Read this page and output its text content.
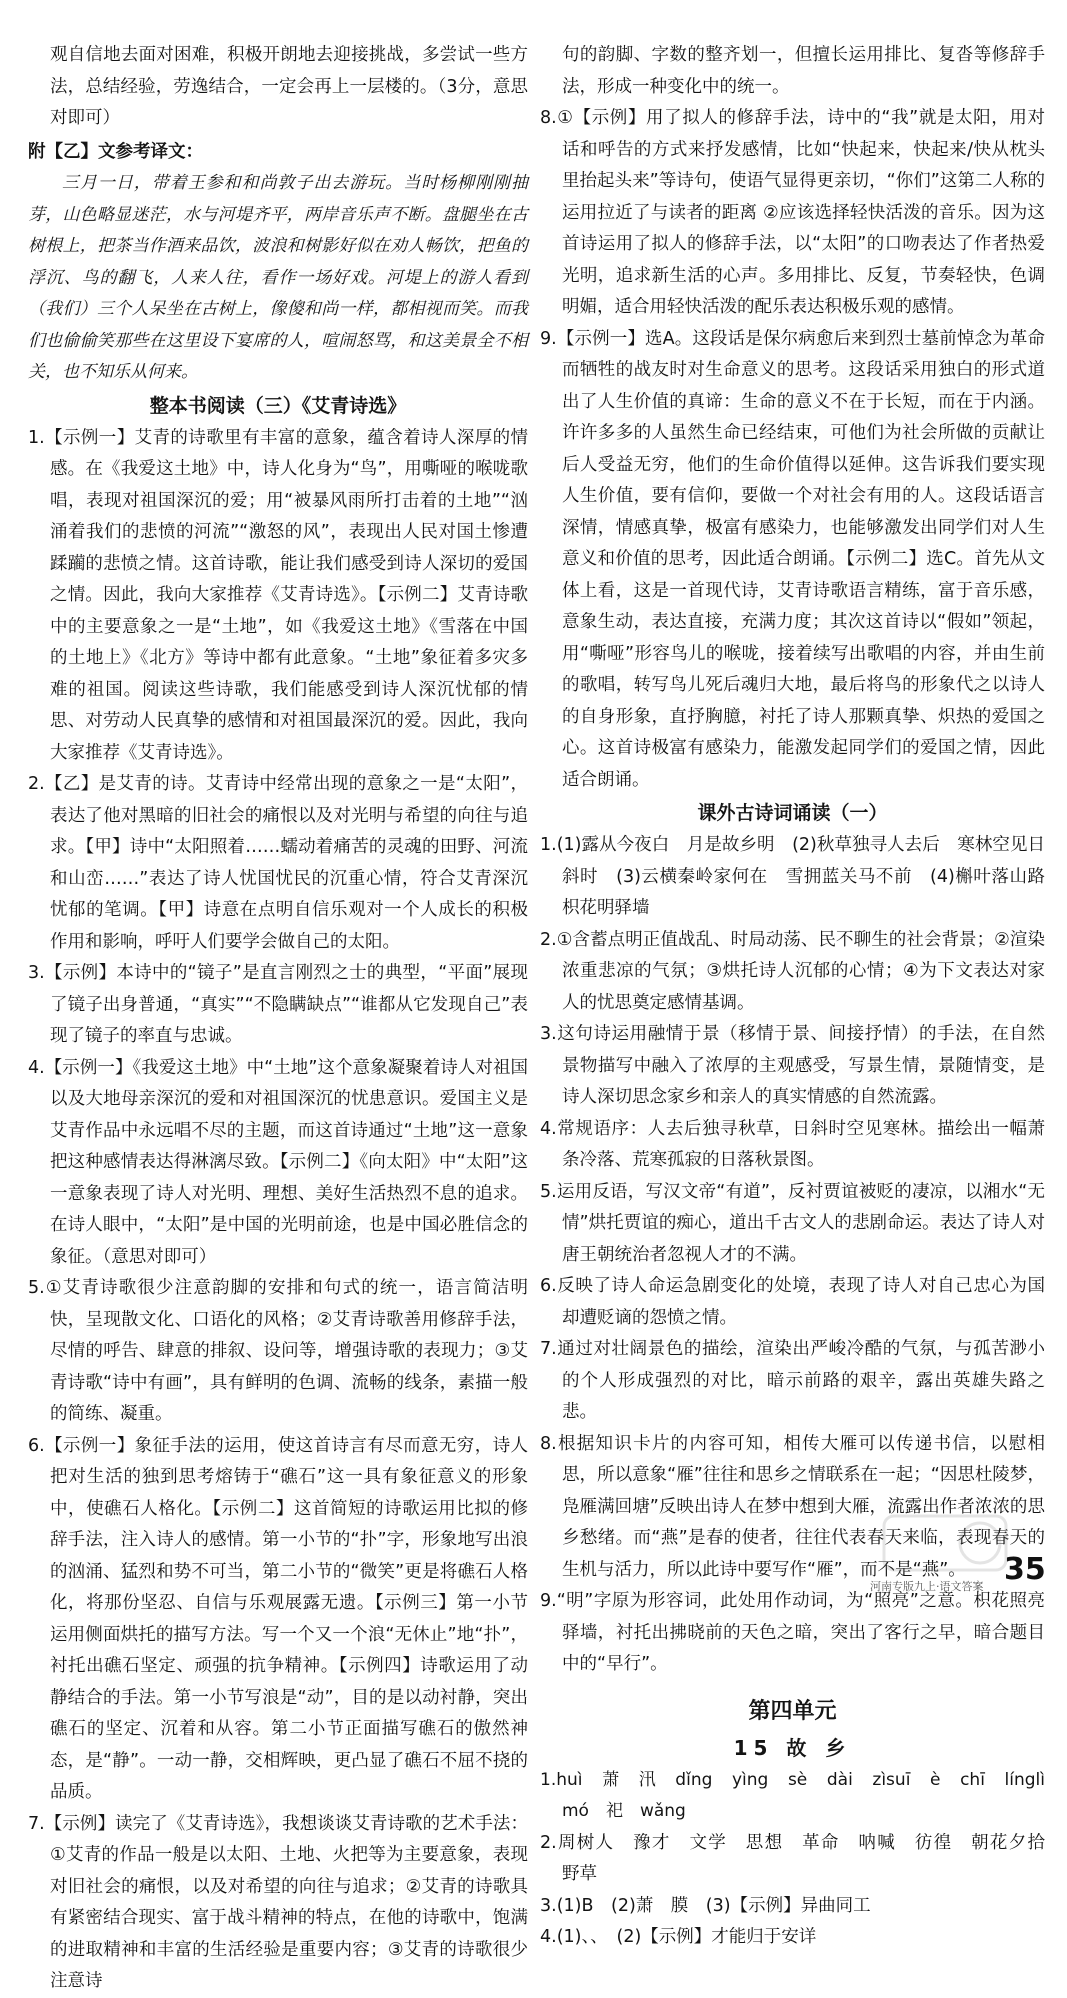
观自信地去面对困难，积极开朗地去迎接挑战，多尝试一些方法，总结经验，劳逸结合，一定会再上一层楼的。（3分，意思对即可）

附【乙】文参考译文：

三月一日，带着王参和和尚敦子出去游玩。当时杨柳刚刚抽芽，山色略显迷茫，水与河堤齐平，两岸音乐声不断。盘腿坐在古树根上，把茶当作酒来品饮，波浪和树影好似在劝人畅饮，把鱼的浮沉、鸟的翻飞，人来人往，看作一场好戏。河堤上的游人看到（我们）三个人呆坐在古树上，像傻和尚一样，都相视而笑。而我们也偷偷笑那些在这里设下宴席的人，喧闹怒骂，和这美景全不相关，也不知乐从何来。

整本书阅读（三）《艾青诗选》

1.【示例一】艾青的诗歌里有丰富的意象，蕴含着诗人深厚的情感。在《我爱这土地》中，诗人化身为“鸟”，用嘶哑的喉咙歌唱，表现对祖国深沉的爱；用“被暴风雨所打击着的土地”“汹涌着我们的悲愤的河流”“激怒的风”，表现出人民对国土惨遭蹂躏的悲愤之情。这首诗歌，能让我们感受到诗人深切的爱国之情。因此，我向大家推荐《艾青诗选》。【示例二】艾青诗歌中的主要意象之一是“土地”，如《我爱这土地》《雪落在中国的土地上》《北方》等诗中都有此意象。“土地”象征着多灾多难的祖国。阅读这些诗歌，我们能感受到诗人深沉忧郁的情思、对劳动人民真挚的感情和对祖国最深沉的爱。因此，我向大家推荐《艾青诗选》。

2.【乙】是艾青的诗。艾青诗中经常出现的意象之一是“太阳”，表达了他对黑暗的旧社会的痛恨以及对光明与希望的向往与追求。【甲】诗中“太阳照着……蠕动着痛苦的灵魂的田野、河流和山峦……”表达了诗人忧国忧民的沉重心情，符合艾青深沉忧郁的笔调。【甲】诗意在点明自信乐观对一个人成长的积极作用和影响，呼吁人们要学会做自己的太阳。

3.【示例】本诗中的“镜子”是直言刚烈之士的典型，“平面”展现了镜子出身普通，“真实”“不隐瞒缺点”“谁都从它发现自己”表现了镜子的率直与忠诚。

4.【示例一】《我爱这土地》中“土地”这个意象凝聚着诗人对祖国以及大地母亲深沉的爱和对祖国深沉的忧患意识。爱国主义是艾青作品中永远唱不尽的主题，而这首诗通过“土地”这一意象把这种感情表达得淋漓尽致。【示例二】《向太阳》中“太阳”这一意象表现了诗人对光明、理想、美好生活热烈不息的追求。在诗人眼中，“太阳”是中国的光明前途，也是中国必胜信念的象征。（意思对即可）

5.①艾青诗歌很少注意韵脚的安排和句式的统一，语言简洁明快，呈现散文化、口语化的风格；②艾青诗歌善用修辞手法，尽情的呼告、肆意的排叙、设问等，增强诗歌的表现力；③艾青诗歌“诗中有画”，具有鲜明的色调、流畅的线条，素描一般的简练、凝重。

6.【示例一】象征手法的运用，使这首诗言有尽而意无穷，诗人把对生活的独到思考熔铸于“礁石”这一具有象征意义的形象中，使礁石人格化。【示例二】这首简短的诗歌运用比拟的修辞手法，注入诗人的感情。第一小节的“扑”字，形象地写出浪的汹涌、猛烈和势不可当，第二小节的“微笑”更是将礁石人格化，将那份坚忍、自信与乐观展露无遗。【示例三】第一小节运用侧面烘托的描写方法。写一个又一个浪“无休止”地“扑”，衬托出礁石坚定、顽强的抗争精神。【示例四】诗歌运用了动静结合的手法。第一小节写浪是“动”，目的是以动衬静，突出礁石的坚定、沉着和从容。第二小节正面描写礁石的傲然神态，是“静”。一动一静，交相辉映，更凸显了礁石不屈不挠的品质。

7.【示例】读完了《艾青诗选》，我想谈谈艾青诗歌的艺术手法：①艾青的作品一般是以太阳、土地、火把等为主要意象，表现对旧社会的痛恨，以及对希望的向往与追求；②艾青的诗歌具有紧密结合现实、富于战斗精神的特点，在他的诗歌中，饱满的进取精神和丰富的生活经验是重要内容；③艾青的诗歌很少注意诗

句的韵脚、字数的整齐划一，但擅长运用排比、复沓等修辞手法，形成一种变化中的统一。

8.①【示例】用了拟人的修辞手法，诗中的“我”就是太阳，用对话和呼告的方式来抒发感情，比如“快起来，快起来/快从枕头里抬起头来”等诗句，使语气显得更亲切，“你们”这第二人称的运用拉近了与读者的距离 ②应该选择轻快活泼的音乐。因为这首诗运用了拟人的修辞手法，以“太阳”的口吻表达了作者热爱光明，追求新生活的心声。多用排比、反复，节奏轻快，色调明媚，适合用轻快活泼的配乐表达积极乐观的感情。

9.【示例一】选A。这段话是保尔病愈后来到烈士墓前悼念为革命而牺牲的战友时对生命意义的思考。这段话采用独白的形式道出了人生价值的真谛：生命的意义不在于长短，而在于内涵。许许多多的人虽然生命已经结束，可他们为社会所做的贡献让后人受益无穷，他们的生命价值得以延伸。这告诉我们要实现人生价值，要有信仰，要做一个对社会有用的人。这段话语言深情，情感真挚，极富有感染力，也能够激发出同学们对人生意义和价值的思考，因此适合朗诵。【示例二】选C。首先从文体上看，这是一首现代诗，艾青诗歌语言精练，富于音乐感，意象生动，表达直接，充满力度；其次这首诗以“假如”领起，用“嘶哑”形容鸟儿的喉咙，接着续写出歌唱的内容，并由生前的歌唱，转写鸟儿死后魂归大地，最后将鸟的形象代之以诗人的自身形象，直抒胸臆，衬托了诗人那颗真挚、炽热的爱国之心。这首诗极富有感染力，能激发起同学们的爱国之情，因此适合朗诵。

课外古诗词诵读（一）

1.(1)露从今夜白　月是故乡明　(2)秋草独寻人去后　寒林空见日斜时　(3)云横秦岭家何在　雪拥蓝关马不前　(4)槲叶落山路　枳花明驿墙

2.①含蓄点明正值战乱、时局动荡、民不聊生的社会背景；②渲染浓重悲凉的气氛；③烘托诗人沉郁的心情；④为下文表达对家人的忧思奠定感情基调。

3.这句诗运用融情于景（移情于景、间接抒情）的手法，在自然景物描写中融入了浓厚的主观感受，写景生情，景随情变，是诗人深切思念家乡和亲人的真实情感的自然流露。

4.常规语序：人去后独寻秋草，日斜时空见寒林。描绘出一幅萧条冷落、荒寒孤寂的日落秋景图。

5.运用反语，写汉文帝“有道”，反衬贾谊被贬的凄凉，以湘水“无情”烘托贾谊的痴心，道出千古文人的悲剧命运。表达了诗人对唐王朝统治者忽视人才的不满。

6.反映了诗人命运急剧变化的处境，表现了诗人对自己忠心为国却遭贬谪的怨愤之情。

7.通过对壮阔景色的描绘，渲染出严峻冷酷的气氛，与孤苦渺小的个人形成强烈的对比，暗示前路的艰辛，露出英雄失路之悲。

8.根据知识卡片的内容可知，相传大雁可以传递书信，以慰相思，所以意象“雁”往往和思乡之情联系在一起；“因思杜陵梦，凫雁满回塘”反映出诗人在梦中想到大雁，流露出作者浓浓的思乡愁绪。而“燕”是春的使者，往往代表春天来临，表现春天的生机与活力，所以此诗中要写作“雁”，而不是“燕”。

9.“明”字原为形容词，此处用作动词，为“照亮”之意。枳花照亮驿墙，衬托出拂晓前的天色之暗，突出了客行之早，暗合题目中的“早行”。

第四单元

15 故 乡

1.huì　萧　汛　dǐng　yìng　sè　dài　zìsuī　è　chī　línglì　mó　祀　wǎng

2.周树人　豫才　文学　思想　革命　呐喊　彷徨　朝花夕拾　野草

3.(1)B　(2)萧　膜　(3)【示例】异曲同工

4.(1)、、　(2)【示例】才能归于安详

河南专版九上·语文答案 35
